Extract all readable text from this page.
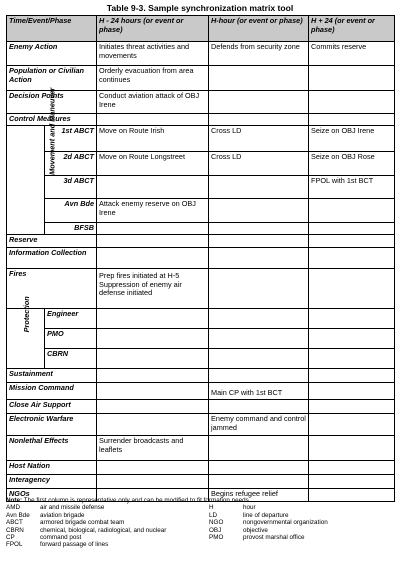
Table 9-3. Sample synchronization matrix tool
Time/Event/Phase		H - 24 hours (or event or phase)	H-hour (or event or phase)	H + 24 (or event or phase)
Enemy Action		Initiates threat activities and movements	Defends from security zone	Commits reserve
Population or Civilian Action		Orderly evacuation from area continues		
Decision Points		Conduct aviation attack of OBJ Irene		
Control Measures				
Movement and Maneuver	1st ABCT	Move on Route Irish	Cross LD	Seize on OBJ Irene
	2d ABCT	Move on Route Longstreet	Cross LD	Seize on OBJ Rose
	3d ABCT			FPOL with 1st BCT
	Avn Bde	Attack enemy reserve on OBJ Irene		
	BFSB			
Reserve				
Information Collection				
Fires		Prep fires initiated at H-5
Suppression of enemy air defense initiated		

Protection	Engineer			
	PMO			
	CBRN			
Sustainment				
Mission Command			Main CP with 1st BCT	
Close Air Support				
Electronic Warfare			Enemy command and control jammed	
Nonlethal Effects		Surrender broadcasts and leaflets		
Host Nation				
Interagency				
NGOs			Begins refugee relief	
Note: The first column is representative only and can be modified to fit formation needs.
AMD	air and missile defense
Avn Bde	aviation brigade
ABCT	armored brigade combat team
CBRN	chemical, biological, radiological, and nuclear
CP	command post
FPOL	forward passage of lines
H	hour
LD	line of departure
NGO	nongovernmental organization
OBJ	objective
PMO	provost marshal office
